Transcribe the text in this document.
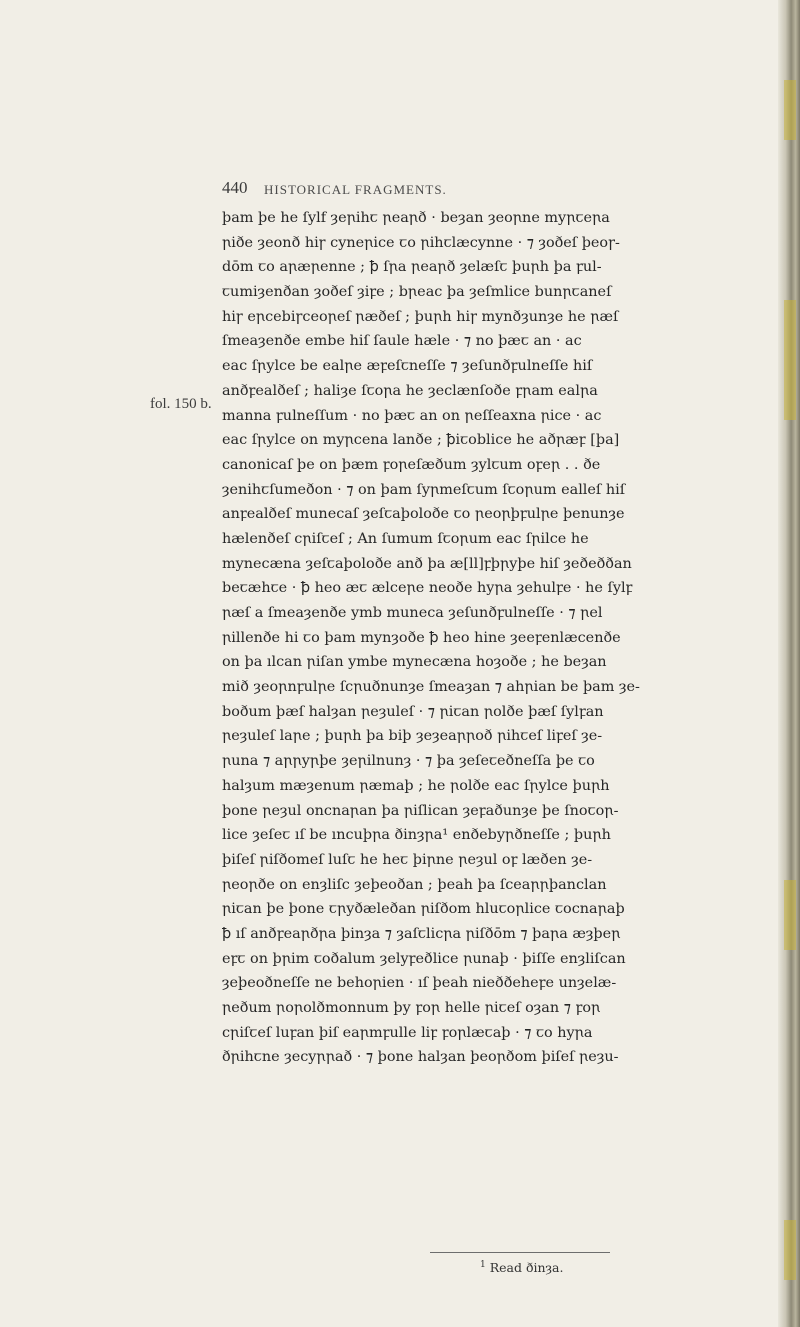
440 HISTORICAL FRAGMENTS.
fol. 150 b.
þam þe he ſylf ȝeꞃihꞇ ꞃeaꞃð · beȝan ȝeoꞃne myꞃꞇeꞃa
ꞃiðe ȝeonð hiꞅ cyneꞃice ꞇo ꞃihꞇlæcynne · ⁊ ȝoðeſ þeoꞅ-
dōm ꞇo aꞃæꞃenne ; ꝥ ſꞃa ꞃeaꞃð ȝelæſꞇ þuꞃh þa ꝼul-
ꞇumiȝenðan ȝoðeſ ȝiꝼe ; bꞃeac þa ȝeſmlice bunꞃꞇaneſ
hiꞅ eꞃcebiꞅceoꞃeſ ꞃæðeſ ; þuꞃh hiꞅ mynðȝunȝe he ꞃæſ
ſmeaȝenðe embe hiſ ſaule hæle · ⁊ no þæꞇ an · ac
eac ſꞃylce be ealꞃe æꝼeſꞇneſſe ⁊ ȝeſunðꝼulneſſe hiſ
anðꝼealðeſ ; haliȝe ſꞇoꞃa he ȝeclænſoðe ꝼꞃam ealꞃa
manna ꝼulneſſum · no þæꞇ an on ꞃeſſeaxna ꞃice · ac
eac ſꞃylce on myꞃcena lanðe ; ꝥiꞇoblice he aðꞃæꝼ [þa]
canonicaſ þe on þæm ꝼoꞃeſæðum ȝylꞇum oꝼeꞃ . . ðe
ȝenihꞇſumeðon · ⁊ on þam ſyꞃmeſꞇum ſꞇoꞃum ealleſ hiſ
anꝼealðeſ munecaſ ȝeſꞇaþoloðe ꞇo ꞃeoꞃþꝼulꞃe þenunȝe
hælenðeſ cꞃiſꞇeſ ; An ſumum ſꞇoꞃum eac ſꞃilce he
mynecæna ȝeſꞇaþoloðe anð þa æ[ll]ꝼþꞃyþe hiſ ȝeðeððan
beꞇæhꞇe · ꝥ heo æꞇ ælceꞃe neoðe hyꞃa ȝehulꝼe · he ſylꝼ
ꞃæſ a ſmeaȝenðe ymb muneca ȝeſunðꝼulneſſe · ⁊ ꞃel
ꞃillenðe hi ꞇo þam mynȝoðe ꝥ heo hine ȝeeꝼenlæcenðe
on þa ılcan ꞃiſan ymbe mynecæna hoȝoðe ; he beȝan
mið ȝeoꞃnꝼulꞃe ſcꞃuðnunȝe ſmeaȝan ⁊ ahꞃian be þam ȝe-
boðum þæſ halȝan ꞃeȝuleſ · ⁊ ꞃiꞇan ꞃolðe þæſ ſylꝼan
ꞃeȝuleſ laꞃe ; þuꞃh þa biþ ȝeȝeaꞃꞃoð ꞃihꞇeſ liꝼeſ ȝe-
ꞃuna ⁊ aꞃꞃyꞃþe ȝeꞃilnunȝ · ⁊ þa ȝeſeꞇeðneſſa þe ꞇo
halȝum mæȝenum ꞃæmaþ ; he ꞃolðe eac ſꞃylce þuꞃh
þone ꞃeȝul oncnaꞃan þa ꞃiſlican ȝeꝼaðunȝe þe ſnoꞇoꞃ-
lice ȝeſeꞇ ıſ be ıncuþꞃa ðinȝꞃa¹ enðebyꞃðneſſe ; þuꞃh
þiſeſ ꞃiſðomeſ luſꞇ he heꞇ þiꞃne ꞃeȝul oꝼ læðen ȝe-
ꞃeoꞃðe on enȝliſc ȝeþeoðan ; þeah þa ſceaꞃꞃþanclan
ꞃiꞇan þe þone ꞇꞃyðæleðan ꞃiſðom hluꞇoꞃlice ꞇocnaꞃaþ
ꝥ ıſ anðꝼeaꞃðꞃa þinȝa ⁊ ȝaſꞇlicꞃa ꞃiſðōm ⁊ þaꞃa æȝþeꞃ
eꝼꞇ on þꞃim ꞇoðalum ȝelyꝼeðlice ꞃunaþ · þiſſe enȝliſcan
ȝeþeoðneſſe ne behoꞃien · ıſ þeah nieððeheꝼe unȝelæ-
ꞃeðum ꞃoꞃolðmonnum þy ꝼoꞃ helle ꞃiꞇeſ oȝan ⁊ ꝼoꞃ
cꞃiſꞇeſ luꝼan þiſ eaꞃmꝼulle liꝼ ꝼoꞃlæꞇaþ · ⁊ ꞇo hyꞃa
ðꞃihꞇne ȝecyꞃꞃað · ⁊ þone halȝan þeoꞃðom þiſeſ ꞃeȝu-
$^1$ Read ðinȝa.
